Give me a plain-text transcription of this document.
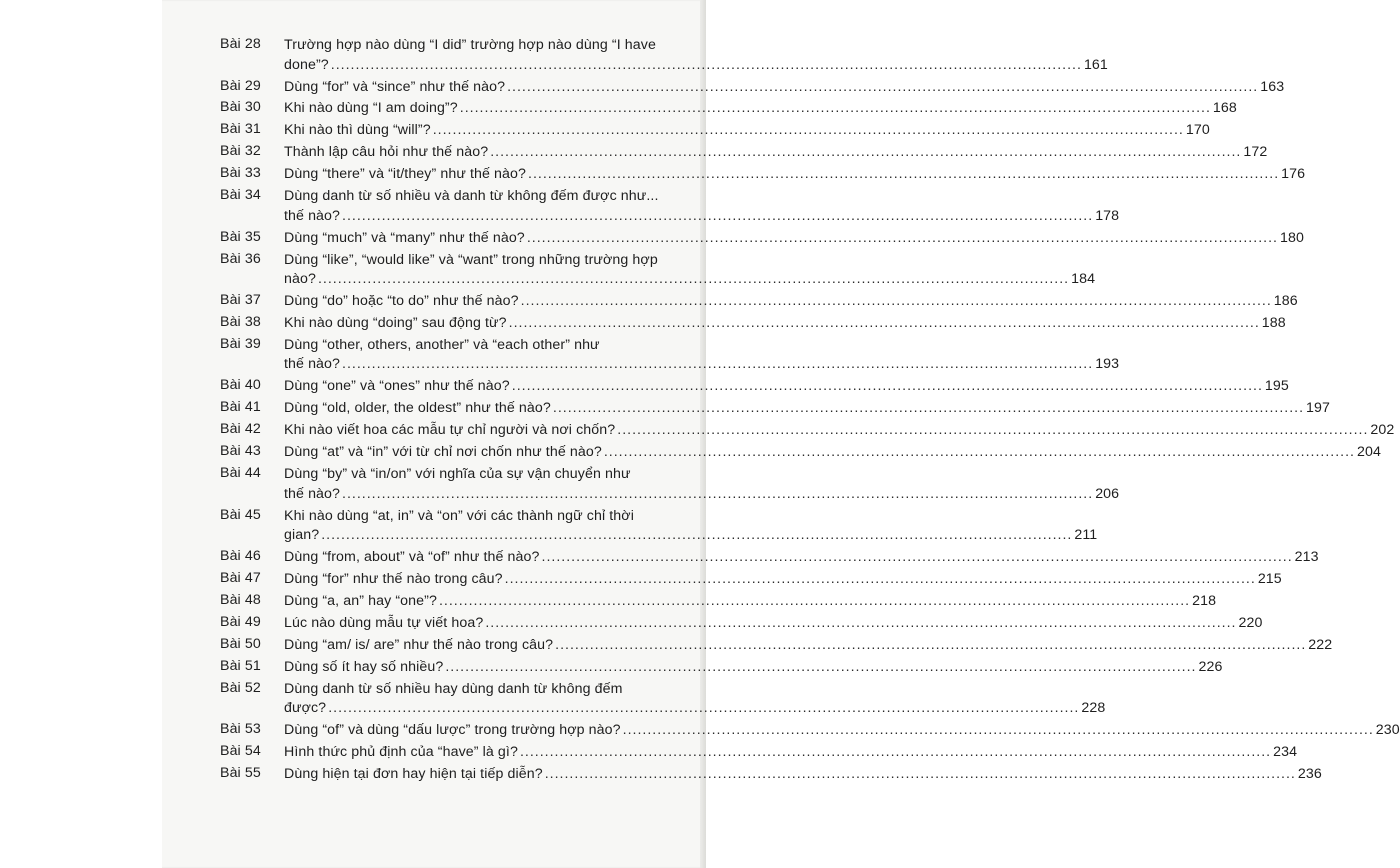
Bài 28	Trường hợp nào dùng “I did” trường hợp nào dùng “I have
done”? .....	161
Bài 29	Dùng “for” và “since” như thế nào? .....	163
Bài 30	Khi nào dùng “I am doing”? .....	168
Bài 31	Khi nào thì dùng “will”? .....	170
Bài 32	Thành lập câu hỏi như thế nào? .....	172
Bài 33	Dùng “there” và “it/they” như thế nào? .....	176
Bài 34	Dùng danh từ số nhiều và danh từ không đếm được như...
thế nào? .....	178
Bài 35	Dùng “much” và “many” như thế nào? .....	180
Bài 36	Dùng “like”, “would like” và “want” trong những trường hợp
nào? .....	184
Bài 37	Dùng “do” hoặc “to do” như thế nào? .....	186
Bài 38	Khi nào dùng “doing” sau động từ? .....	188
Bài 39	Dùng “other, others, another” và “each other” như
thế nào? .....	193
Bài 40	Dùng “one” và “ones” như thế nào? .....	195
Bài 41	Dùng “old, older, the oldest” như thế nào? .....	197
Bài 42	Khi nào viết hoa các mẫu tự chỉ người và nơi chốn? .....	202
Bài 43	Dùng “at” và “in” với từ chỉ nơi chốn như thế nào? .....	204
Bài 44	Dùng “by” và “in/on” với nghĩa của sự vận chuyển như
thế nào? .....	206
Bài 45	Khi nào dùng “at, in” và “on” với các thành ngữ chỉ thời
gian? .....	211
Bài 46	Dùng “from, about” và “of” như thế nào? .....	213
Bài 47	Dùng “for” như thế nào trong câu? .....	215
Bài 48	Dùng “a, an” hay “one”? .....	218
Bài 49	Lúc nào dùng mẫu tự viết hoa? .....	220
Bài 50	Dùng “am/ is/ are” như thế nào trong câu? .....	222
Bài 51	Dùng số ít hay số nhiều? .....	226
Bài 52	Dùng danh từ số nhiều hay dùng danh từ không đếm
được? .....	228
Bài 53	Dùng “of” và dùng “dấu lược” trong trường hợp nào? .....	230
Bài 54	Hình thức phủ định của “have” là gì? .....	234
Bài 55	Dùng hiện tại đơn hay hiện tại tiếp diễn? .....	236
